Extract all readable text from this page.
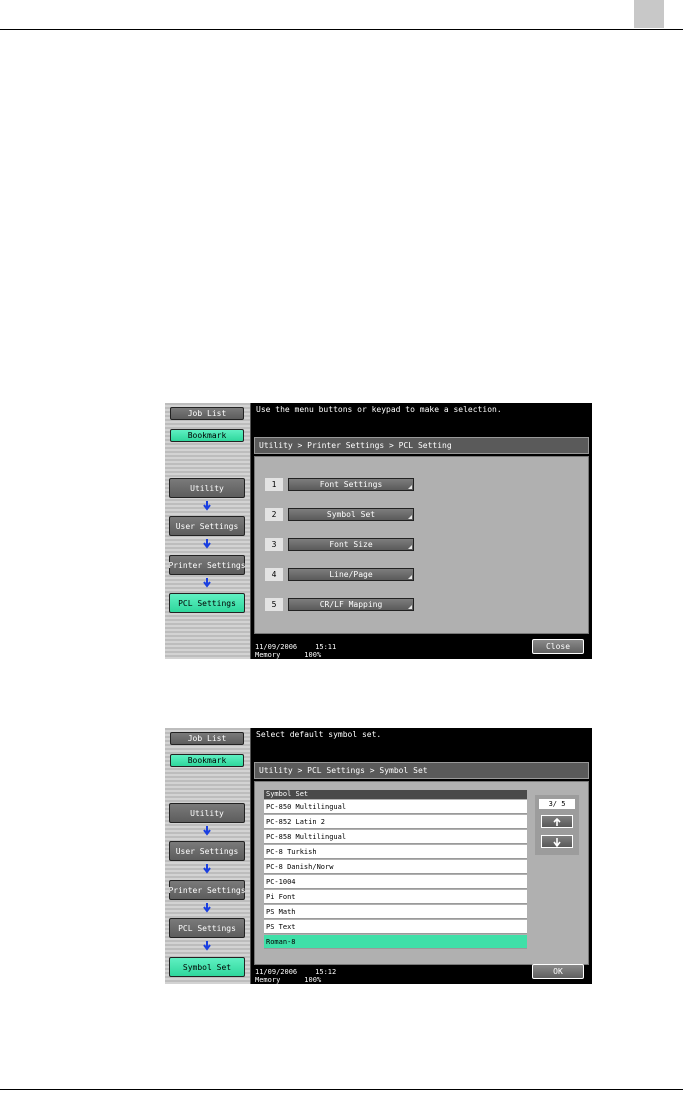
Job List
Bookmark
Utility
User Settings
Printer Settings
PCL Settings
Use the menu buttons or keypad to make a selection.
Utility > Printer Settings > PCL Setting
1	Font Settings
2	Symbol Set
3	Font Size
4	Line/Page
5	CR/LF Mapping
11/09/2006	15:11
Memory	100%
Close
Job List
Bookmark
Utility
User Settings
Printer Settings
PCL Settings
Symbol Set
Select default symbol set.
Utility > PCL Settings > Symbol Set
Symbol Set
PC-850 Multilingual
PC-852 Latin 2
PC-858 Multilingual
PC-8 Turkish
PC-8 Danish/Norw
PC-1004
Pi Font
PS Math
PS Text
Roman-8
3/ 5
11/09/2006	15:12
Memory	100%
OK
